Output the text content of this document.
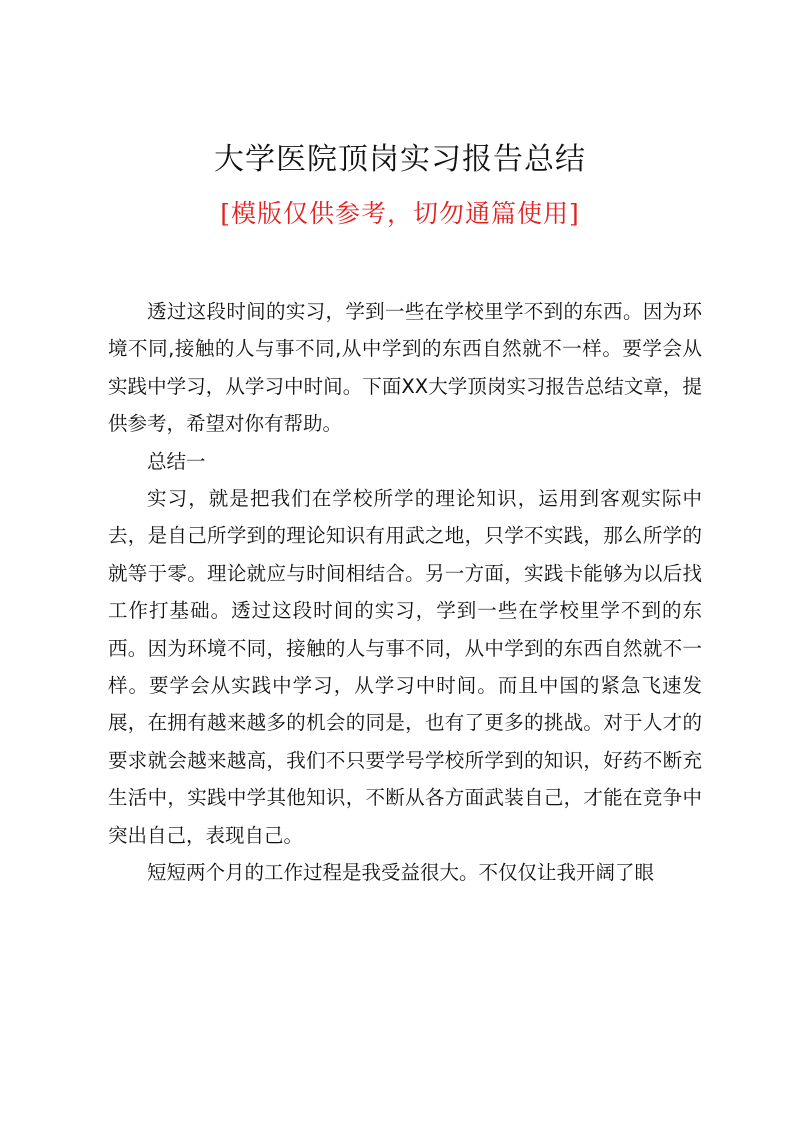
大学医院顶岗实习报告总结
[模版仅供参考，切勿通篇使用]

透过这段时间的实习，学到一些在学校里学不到的东西。因为环境不同,接触的人与事不同,从中学到的东西自然就不一样。要学会从实践中学习，从学习中时间。下面XX大学顶岗实习报告总结文章，提供参考，希望对你有帮助。

总结一

实习，就是把我们在学校所学的理论知识，运用到客观实际中去，是自己所学到的理论知识有用武之地，只学不实践，那么所学的就等于零。理论就应与时间相结合。另一方面，实践卡能够为以后找工作打基础。透过这段时间的实习，学到一些在学校里学不到的东西。因为环境不同，接触的人与事不同，从中学到的东西自然就不一样。要学会从实践中学习，从学习中时间。而且中国的紧急飞速发展，在拥有越来越多的机会的同是，也有了更多的挑战。对于人才的要求就会越来越高，我们不只要学号学校所学到的知识，好药不断充生活中，实践中学其他知识，不断从各方面武装自己，才能在竞争中突出自己，表现自己。

短短两个月的工作过程是我受益很大。不仅仅让我开阔了眼
